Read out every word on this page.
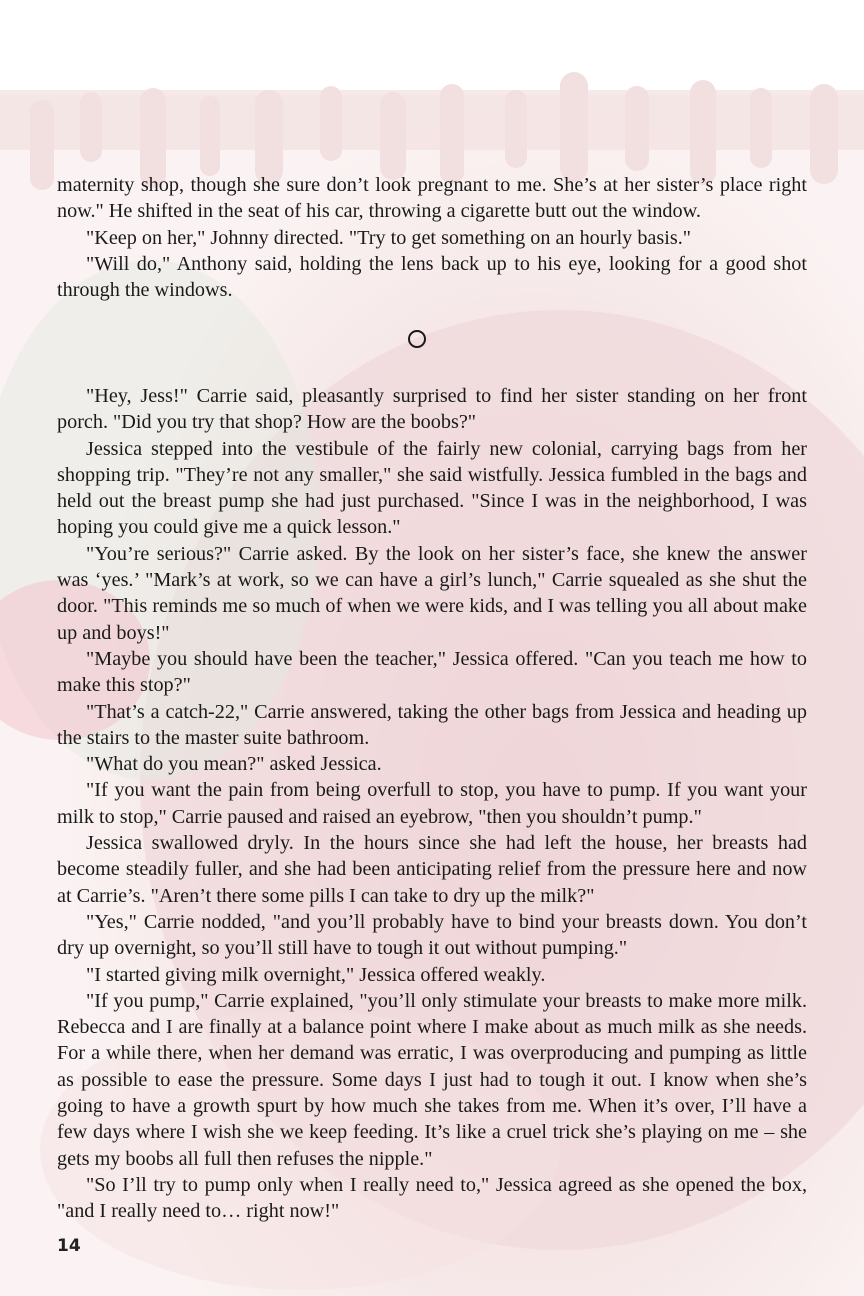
maternity shop, though she sure don’t look pregnant to me. She’s at her sister’s place right now." He shifted in the seat of his car, throwing a cigarette butt out the window.

"Keep on her," Johnny directed. "Try to get something on an hourly basis."

"Will do," Anthony said, holding the lens back up to his eye, looking for a good shot through the windows.

"Hey, Jess!" Carrie said, pleasantly surprised to find her sister standing on her front porch. "Did you try that shop? How are the boobs?"

Jessica stepped into the vestibule of the fairly new colonial, carrying bags from her shopping trip. "They’re not any smaller," she said wistfully. Jessica fumbled in the bags and held out the breast pump she had just purchased. "Since I was in the neighborhood, I was hoping you could give me a quick lesson."

"You’re serious?" Carrie asked. By the look on her sister’s face, she knew the answer was ‘yes.’ "Mark’s at work, so we can have a girl’s lunch," Carrie squealed as she shut the door. "This reminds me so much of when we were kids, and I was telling you all about make up and boys!"

"Maybe you should have been the teacher," Jessica offered. "Can you teach me how to make this stop?"

"That’s a catch-22," Carrie answered, taking the other bags from Jessica and heading up the stairs to the master suite bathroom.

"What do you mean?" asked Jessica.

"If you want the pain from being overfull to stop, you have to pump. If you want your milk to stop," Carrie paused and raised an eyebrow, "then you shouldn’t pump."

Jessica swallowed dryly. In the hours since she had left the house, her breasts had become steadily fuller, and she had been anticipating relief from the pressure here and now at Carrie’s. "Aren’t there some pills I can take to dry up the milk?"

"Yes," Carrie nodded, "and you’ll probably have to bind your breasts down. You don’t dry up overnight, so you’ll still have to tough it out without pumping."

"I started giving milk overnight," Jessica offered weakly.

"If you pump," Carrie explained, "you’ll only stimulate your breasts to make more milk. Rebecca and I are finally at a balance point where I make about as much milk as she needs. For a while there, when her demand was erratic, I was overproducing and pumping as little as possible to ease the pressure. Some days I just had to tough it out. I know when she’s going to have a growth spurt by how much she takes from me. When it’s over, I’ll have a few days where I wish she we keep feeding. It’s like a cruel trick she’s playing on me – she gets my boobs all full then refuses the nipple."

"So I’ll try to pump only when I really need to," Jessica agreed as she opened the box, "and I really need to… right now!"

14
